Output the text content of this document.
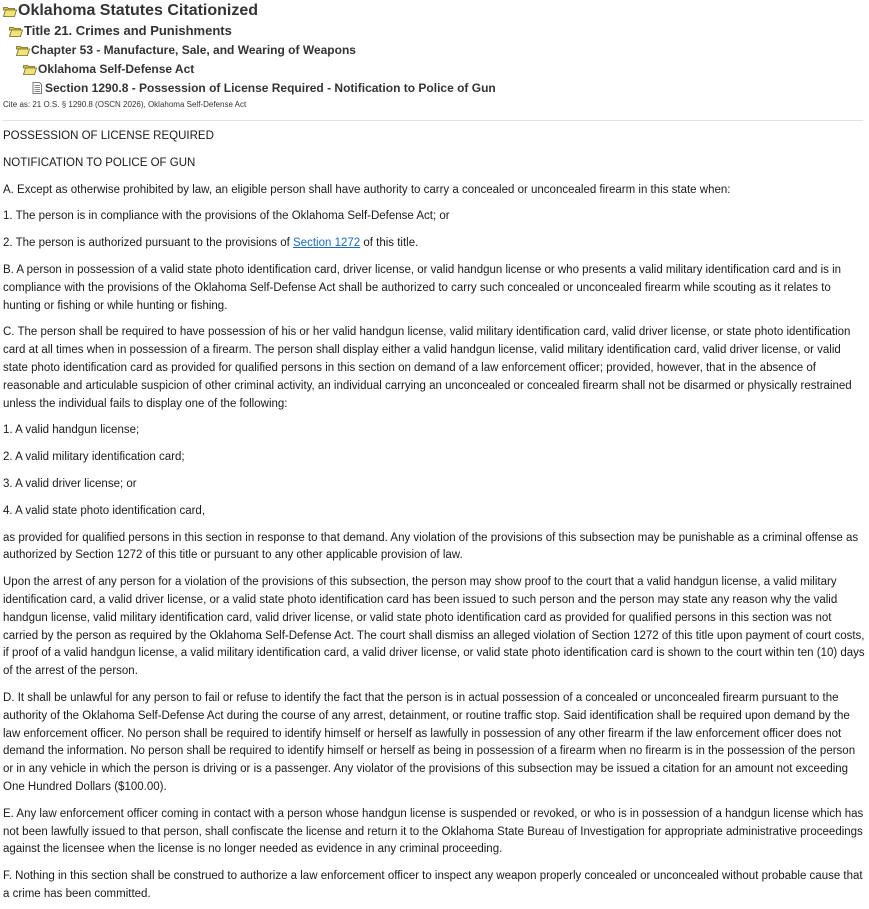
Oklahoma Statutes Citationized
Title 21. Crimes and Punishments
Chapter 53 - Manufacture, Sale, and Wearing of Weapons
Oklahoma Self-Defense Act
Section 1290.8 - Possession of License Required - Notification to Police of Gun
Cite as: 21 O.S. § 1290.8 (OSCN 2026), Oklahoma Self-Defense Act

POSSESSION OF LICENSE REQUIRED

NOTIFICATION TO POLICE OF GUN

A. Except as otherwise prohibited by law, an eligible person shall have authority to carry a concealed or unconcealed firearm in this state when:

1. The person is in compliance with the provisions of the Oklahoma Self-Defense Act; or

2. The person is authorized pursuant to the provisions of Section 1272 of this title.

B. A person in possession of a valid state photo identification card, driver license, or valid handgun license or who presents a valid military identification card and is in compliance with the provisions of the Oklahoma Self-Defense Act shall be authorized to carry such concealed or unconcealed firearm while scouting as it relates to hunting or fishing or while hunting or fishing.

C. The person shall be required to have possession of his or her valid handgun license, valid military identification card, valid driver license, or state photo identification card at all times when in possession of a firearm. The person shall display either a valid handgun license, valid military identification card, valid driver license, or valid state photo identification card as provided for qualified persons in this section on demand of a law enforcement officer; provided, however, that in the absence of reasonable and articulable suspicion of other criminal activity, an individual carrying an unconcealed or concealed firearm shall not be disarmed or physically restrained unless the individual fails to display one of the following:

1. A valid handgun license;

2. A valid military identification card;

3. A valid driver license; or

4. A valid state photo identification card,

as provided for qualified persons in this section in response to that demand. Any violation of the provisions of this subsection may be punishable as a criminal offense as authorized by Section 1272 of this title or pursuant to any other applicable provision of law.

Upon the arrest of any person for a violation of the provisions of this subsection, the person may show proof to the court that a valid handgun license, a valid military identification card, a valid driver license, or a valid state photo identification card has been issued to such person and the person may state any reason why the valid handgun license, valid military identification card, valid driver license, or valid state photo identification card as provided for qualified persons in this section was not carried by the person as required by the Oklahoma Self-Defense Act. The court shall dismiss an alleged violation of Section 1272 of this title upon payment of court costs, if proof of a valid handgun license, a valid military identification card, a valid driver license, or valid state photo identification card is shown to the court within ten (10) days of the arrest of the person.

D. It shall be unlawful for any person to fail or refuse to identify the fact that the person is in actual possession of a concealed or unconcealed firearm pursuant to the authority of the Oklahoma Self-Defense Act during the course of any arrest, detainment, or routine traffic stop. Said identification shall be required upon demand by the law enforcement officer. No person shall be required to identify himself or herself as lawfully in possession of any other firearm if the law enforcement officer does not demand the information. No person shall be required to identify himself or herself as being in possession of a firearm when no firearm is in the possession of the person or in any vehicle in which the person is driving or is a passenger. Any violator of the provisions of this subsection may be issued a citation for an amount not exceeding One Hundred Dollars ($100.00).

E. Any law enforcement officer coming in contact with a person whose handgun license is suspended or revoked, or who is in possession of a handgun license which has not been lawfully issued to that person, shall confiscate the license and return it to the Oklahoma State Bureau of Investigation for appropriate administrative proceedings against the licensee when the license is no longer needed as evidence in any criminal proceeding.

F. Nothing in this section shall be construed to authorize a law enforcement officer to inspect any weapon properly concealed or unconcealed without probable cause that a crime has been committed.
